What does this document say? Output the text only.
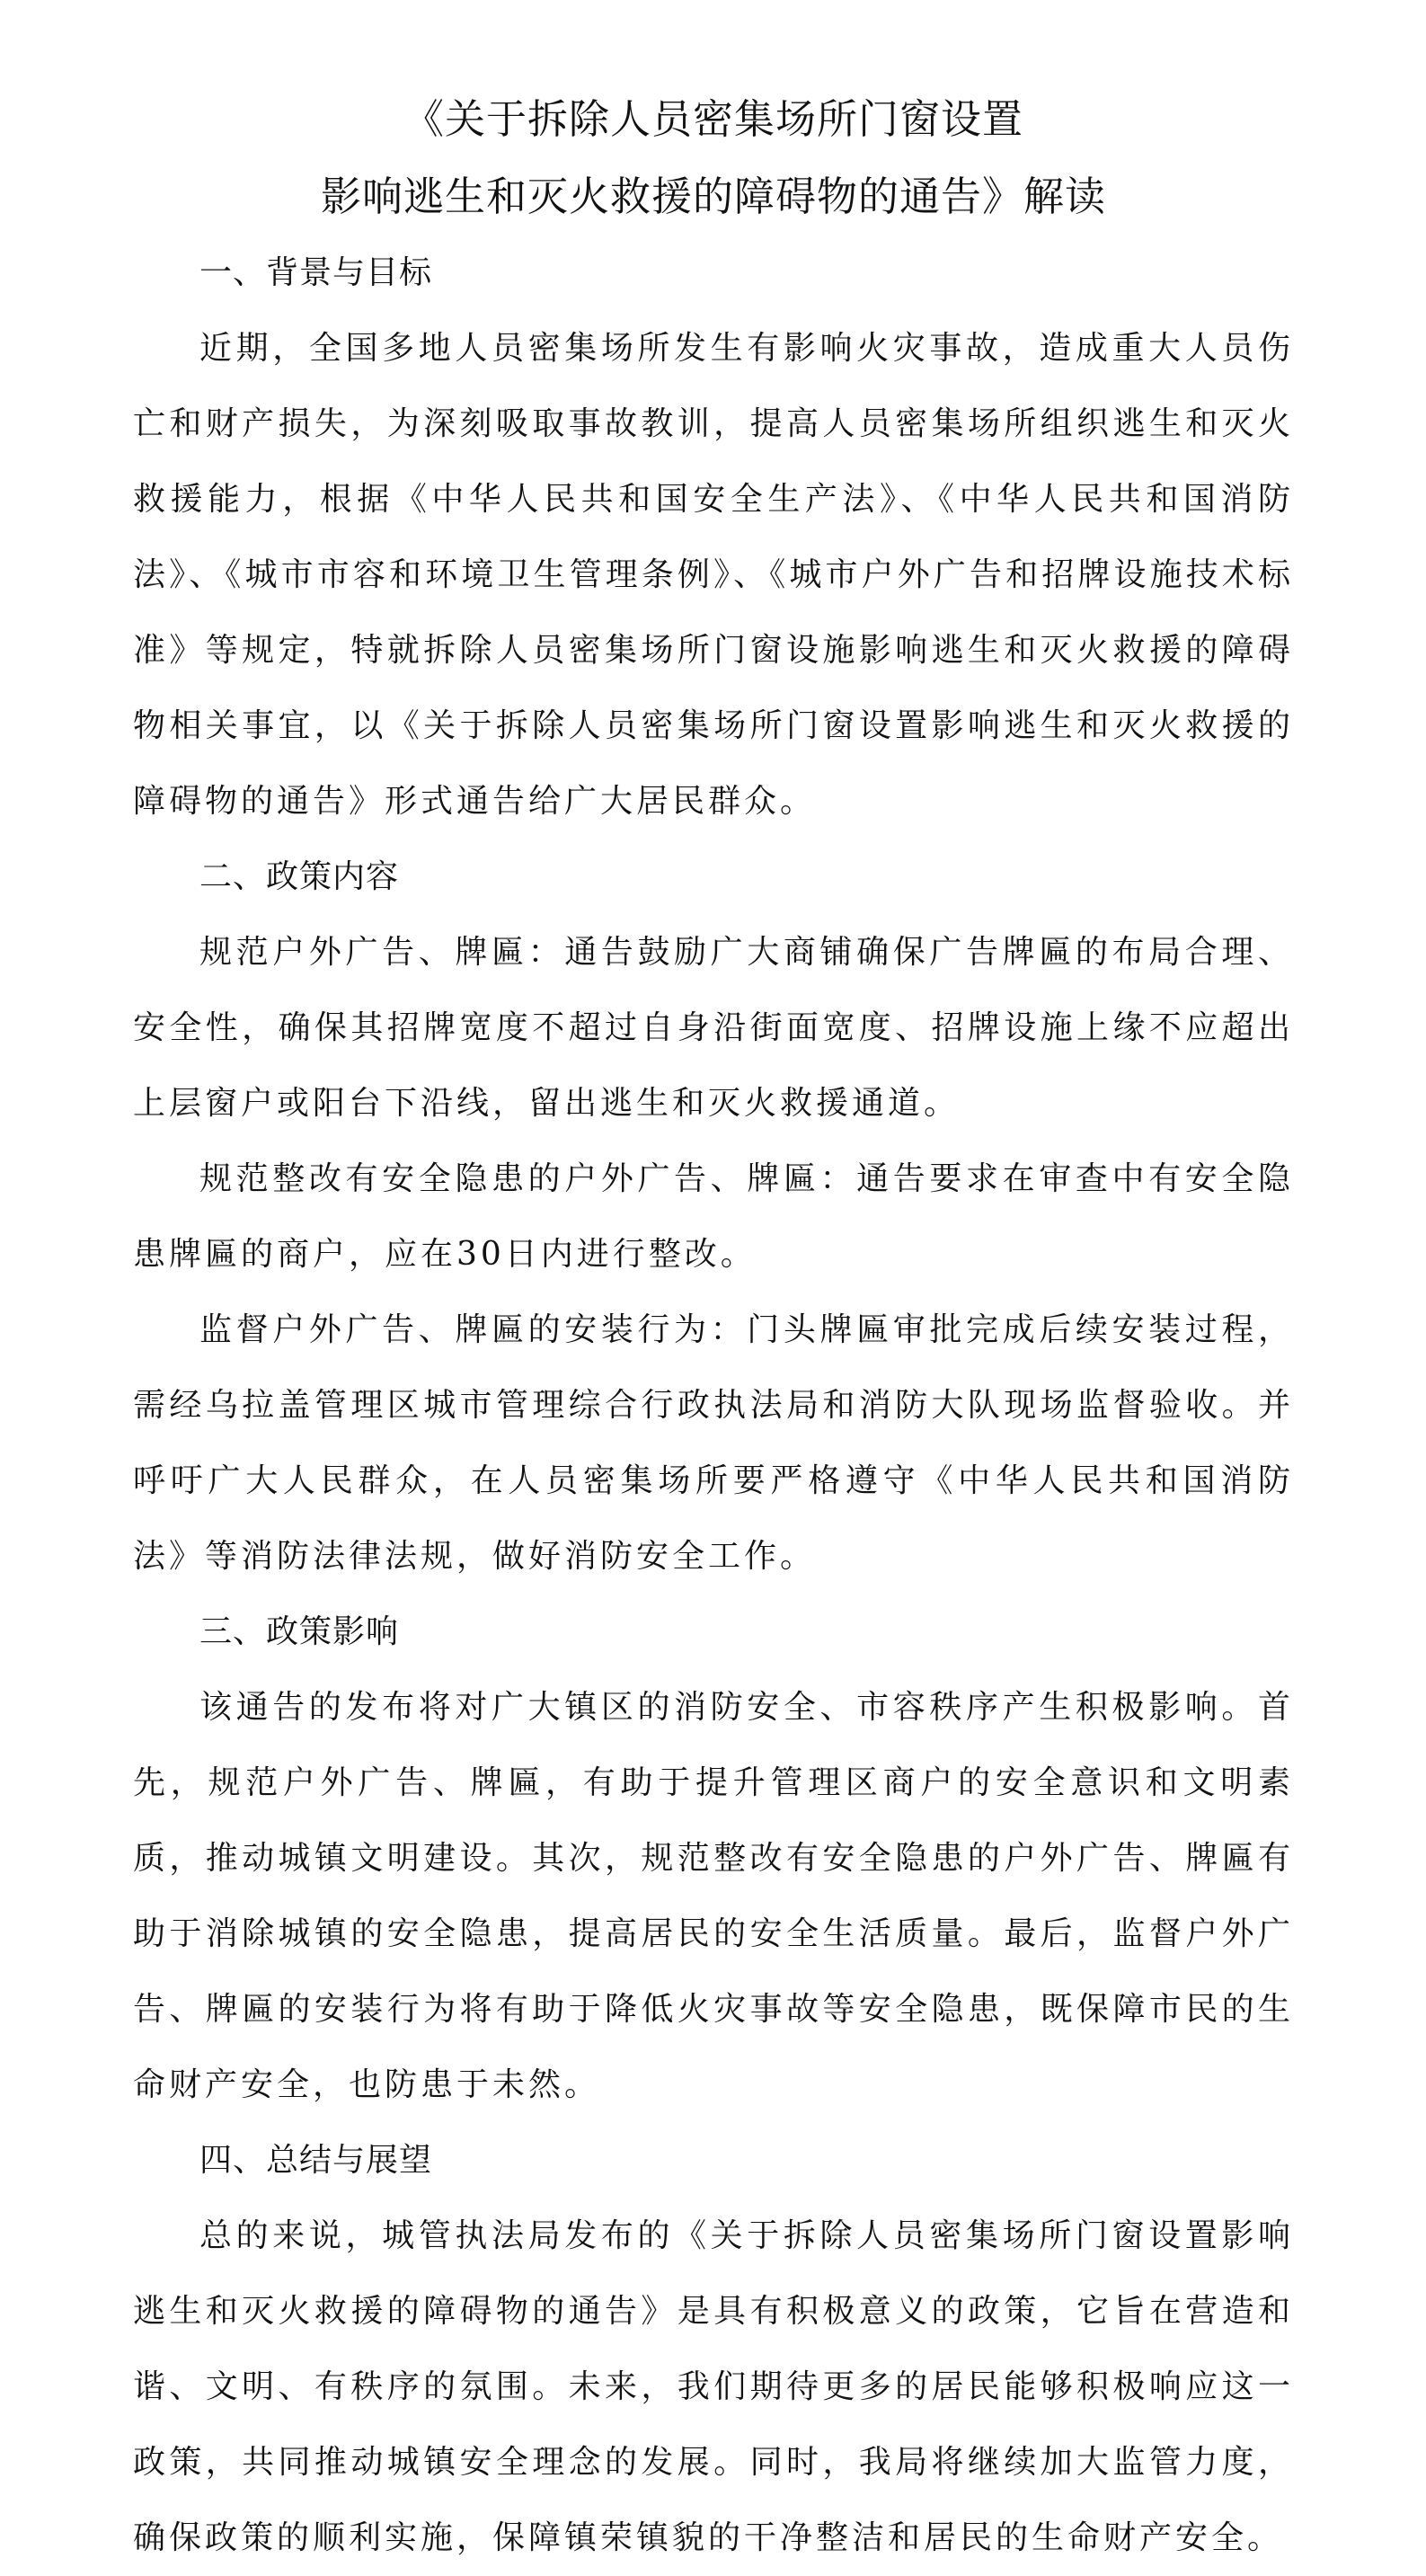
《关于拆除人员密集场所门窗设置
影响逃生和灭火救援的障碍物的通告》解读
一、背景与目标

近期，全国多地人员密集场所发生有影响火灾事故，造成重大人员伤亡和财产损失，为深刻吸取事故教训，提高人员密集场所组织逃生和灭火救援能力，根据《中华人民共和国安全生产法》、《中华人民共和国消防法》、《城市市容和环境卫生管理条例》、《城市户外广告和招牌设施技术标准》等规定，特就拆除人员密集场所门窗设施影响逃生和灭火救援的障碍物相关事宜，以《关于拆除人员密集场所门窗设置影响逃生和灭火救援的障碍物的通告》形式通告给广大居民群众。

二、政策内容

规范户外广告、牌匾：通告鼓励广大商铺确保广告牌匾的布局合理、安全性，确保其招牌宽度不超过自身沿街面宽度、招牌设施上缘不应超出上层窗户或阳台下沿线，留出逃生和灭火救援通道。

规范整改有安全隐患的户外广告、牌匾：通告要求在审查中有安全隐患牌匾的商户，应在30日内进行整改。

监督户外广告、牌匾的安装行为：门头牌匾审批完成后续安装过程，需经乌拉盖管理区城市管理综合行政执法局和消防大队现场监督验收。并呼吁广大人民群众，在人员密集场所要严格遵守《中华人民共和国消防法》等消防法律法规，做好消防安全工作。

三、政策影响

该通告的发布将对广大镇区的消防安全、市容秩序产生积极影响。首先，规范户外广告、牌匾，有助于提升管理区商户的安全意识和文明素质，推动城镇文明建设。其次，规范整改有安全隐患的户外广告、牌匾有助于消除城镇的安全隐患，提高居民的安全生活质量。最后，监督户外广告、牌匾的安装行为将有助于降低火灾事故等安全隐患，既保障市民的生命财产安全，也防患于未然。

四、总结与展望

总的来说，城管执法局发布的《关于拆除人员密集场所门窗设置影响逃生和灭火救援的障碍物的通告》是具有积极意义的政策，它旨在营造和谐、文明、有秩序的氛围。未来，我们期待更多的居民能够积极响应这一政策，共同推动城镇安全理念的发展。同时，我局将继续加大监管力度，确保政策的顺利实施，保障镇荣镇貌的干净整洁和居民的生命财产安全。
